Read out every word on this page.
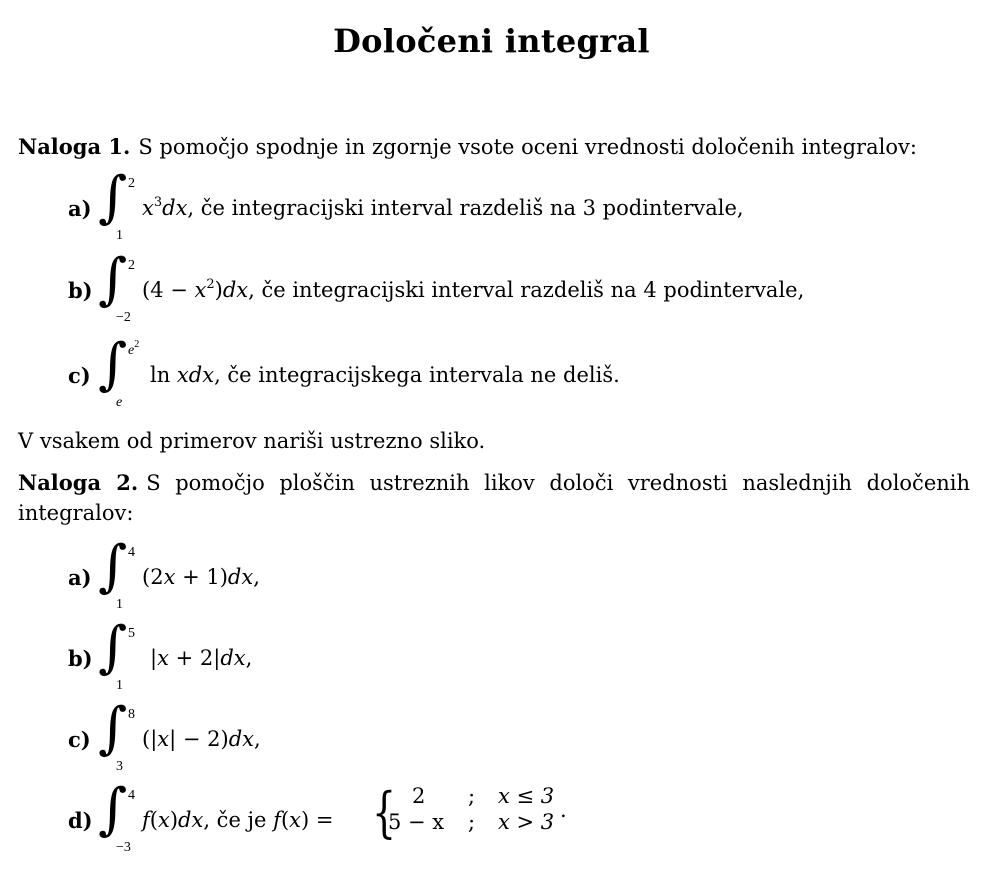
Določeni integral
Naloga 1. S pomočjo spodnje in zgornje vsote oceni vrednosti določenih integralov:
a) ∫ 2
1
$x^3dx$, če integracijski interval razdeliš na 3 podintervale,
b) ∫ 2
−2
$(4 - x^2)dx$, če integracijski interval razdeliš na 4 podintervale,
c) ∫ $e^2$
e
ln xdx, če integracijskega intervala ne deliš.
V vsakem od primerov nariši ustrezno sliko.
Naloga 2. S pomočjo ploščin ustreznih likov določi vrednosti naslednjih določenih integralov:
a) ∫ 4
1
(2x + 1)dx,
b) ∫ 5
1
|x + 2|dx,
c) ∫ 8
3
(|x| − 2)dx,
d) ∫ 4
−3
f(x)dx, če je f(x) = { 2 ; x ≤ 3
5 − x ; x > 3 .
